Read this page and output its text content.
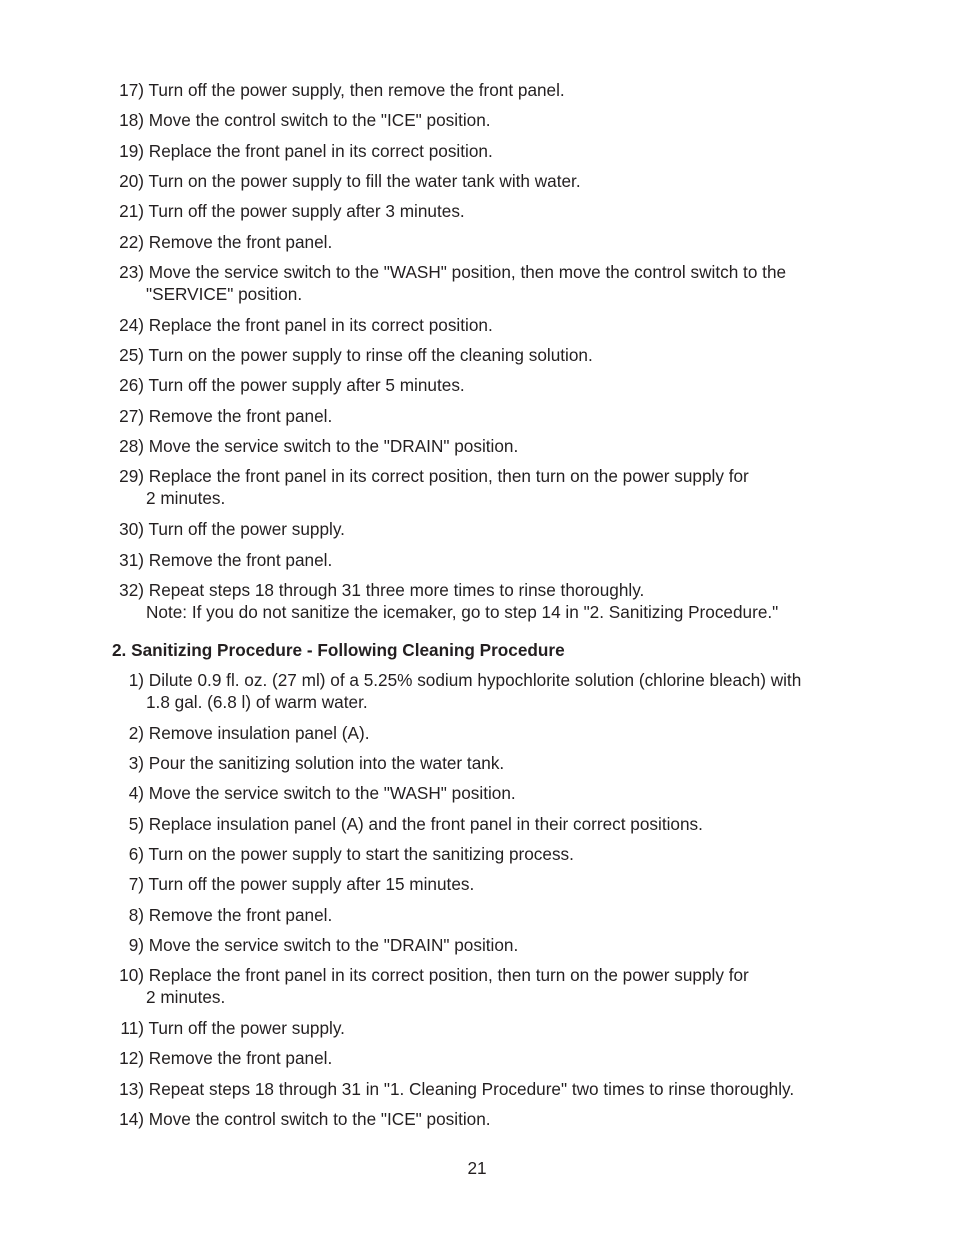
17) Turn off the power supply, then remove the front panel.
18) Move the control switch to the "ICE" position.
19) Replace the front panel in its correct position.
20) Turn on the power supply to fill the water tank with water.
21) Turn off the power supply after 3 minutes.
22) Remove the front panel.
23) Move the service switch to the "WASH" position, then move the control switch to the
"SERVICE" position.
24) Replace the front panel in its correct position.
25) Turn on the power supply to rinse off the cleaning solution.
26) Turn off the power supply after 5 minutes.
27) Remove the front panel.
28) Move the service switch to the "DRAIN" position.
29) Replace the front panel in its correct position, then turn on the power supply for
2 minutes.
30) Turn off the power supply.
31) Remove the front panel.
32) Repeat steps 18 through 31 three more times to rinse thoroughly.
Note: If you do not sanitize the icemaker, go to step 14 in "2. Sanitizing Procedure."
2. Sanitizing Procedure - Following Cleaning Procedure
1) Dilute 0.9 fl. oz. (27 ml) of a 5.25% sodium hypochlorite solution (chlorine bleach) with
1.8 gal. (6.8 l) of warm water.
2) Remove insulation panel (A).
3) Pour the sanitizing solution into the water tank.
4) Move the service switch to the "WASH" position.
5) Replace insulation panel (A) and the front panel in their correct positions.
6) Turn on the power supply to start the sanitizing process.
7) Turn off the power supply after 15 minutes.
8) Remove the front panel.
9) Move the service switch to the "DRAIN" position.
10) Replace the front panel in its correct position, then turn on the power supply for
2 minutes.
11) Turn off the power supply.
12) Remove the front panel.
13) Repeat steps 18 through 31 in "1. Cleaning Procedure" two times to rinse thoroughly.
14) Move the control switch to the "ICE" position.
21
